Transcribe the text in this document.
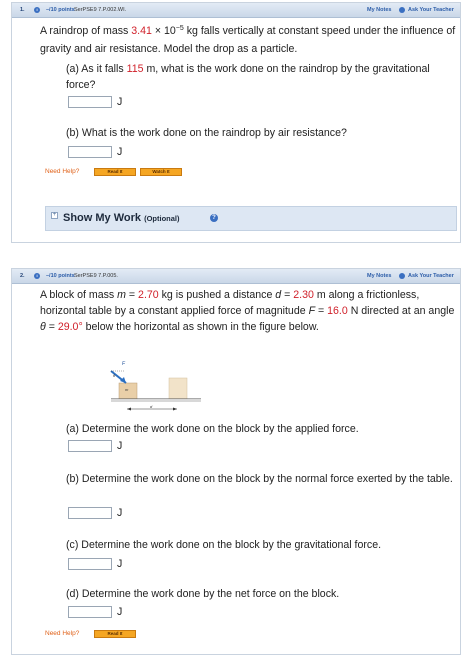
1.	i	–/10 points SerPSE9 7.P.002.WI.	My Notes	Ask Your Teacher
A raindrop of mass $3.41 \times 10^{-5}$ kg falls vertically at constant speed under the influence of gravity and air resistance. Model the drop as a particle.
(a) As it falls 115 m, what is the work done on the raindrop by the gravitational force?
J
(b) What is the work done on the raindrop by air resistance?
J
Need Help?	Read It	Watch It
+ Show My Work (Optional)	?
2.	i	–/10 points SerPSE9 7.P.005.	My Notes	Ask Your Teacher
A block of mass m = 2.70 kg is pushed a distance d = 2.30 m along a frictionless, horizontal table by a constant applied force of magnitude F = 16.0 N directed at an angle θ = 29.0° below the horizontal as shown in the figure below.
F
θ
m
d
(a) Determine the work done on the block by the applied force.
J
(b) Determine the work done on the block by the normal force exerted by the table.
J
(c) Determine the work done on the block by the gravitational force.
J
(d) Determine the work done by the net force on the block.
J
Need Help?	Read It
